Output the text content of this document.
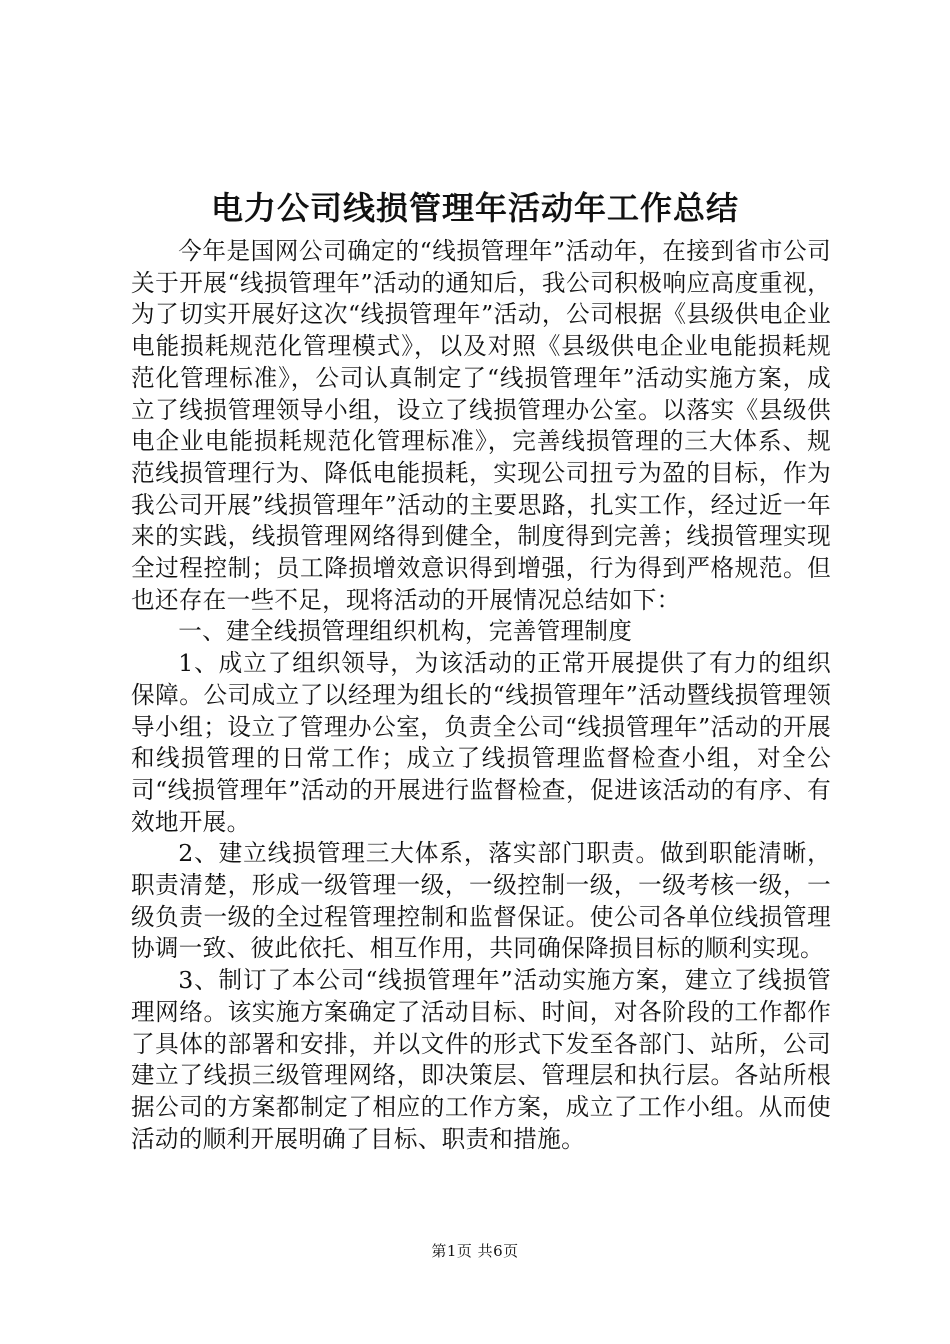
电力公司线损管理年活动年工作总结

今年是国网公司确定的“线损管理年”活动年，在接到省市公司关于开展“线损管理年”活动的通知后，我公司积极响应高度重视，为了切实开展好这次“线损管理年”活动，公司根据《县级供电企业电能损耗规范化管理模式》，以及对照《县级供电企业电能损耗规范化管理标准》，公司认真制定了“线损管理年”活动实施方案，成立了线损管理领导小组，设立了线损管理办公室。以落实《县级供电企业电能损耗规范化管理标准》，完善线损管理的三大体系、规范线损管理行为、降低电能损耗，实现公司扭亏为盈的目标，作为我公司开展”线损管理年”活动的主要思路，扎实工作，经过近一年来的实践，线损管理网络得到健全，制度得到完善；线损管理实现全过程控制；员工降损增效意识得到增强，行为得到严格规范。但也还存在一些不足，现将活动的开展情况总结如下：

一、建全线损管理组织机构，完善管理制度

1、成立了组织领导，为该活动的正常开展提供了有力的组织保障。公司成立了以经理为组长的“线损管理年”活动暨线损管理领导小组；设立了管理办公室，负责全公司“线损管理年”活动的开展和线损管理的日常工作；成立了线损管理监督检查小组，对全公司“线损管理年”活动的开展进行监督检查，促进该活动的有序、有效地开展。

2、建立线损管理三大体系，落实部门职责。做到职能清晰，职责清楚，形成一级管理一级，一级控制一级，一级考核一级，一级负责一级的全过程管理控制和监督保证。使公司各单位线损管理协调一致、彼此依托、相互作用，共同确保降损目标的顺利实现。

3、制订了本公司“线损管理年”活动实施方案，建立了线损管理网络。该实施方案确定了活动目标、时间，对各阶段的工作都作了具体的部署和安排，并以文件的形式下发至各部门、站所，公司建立了线损三级管理网络，即决策层、管理层和执行层。各站所根据公司的方案都制定了相应的工作方案，成立了工作小组。从而使活动的顺利开展明确了目标、职责和措施。

第1页 共6页
